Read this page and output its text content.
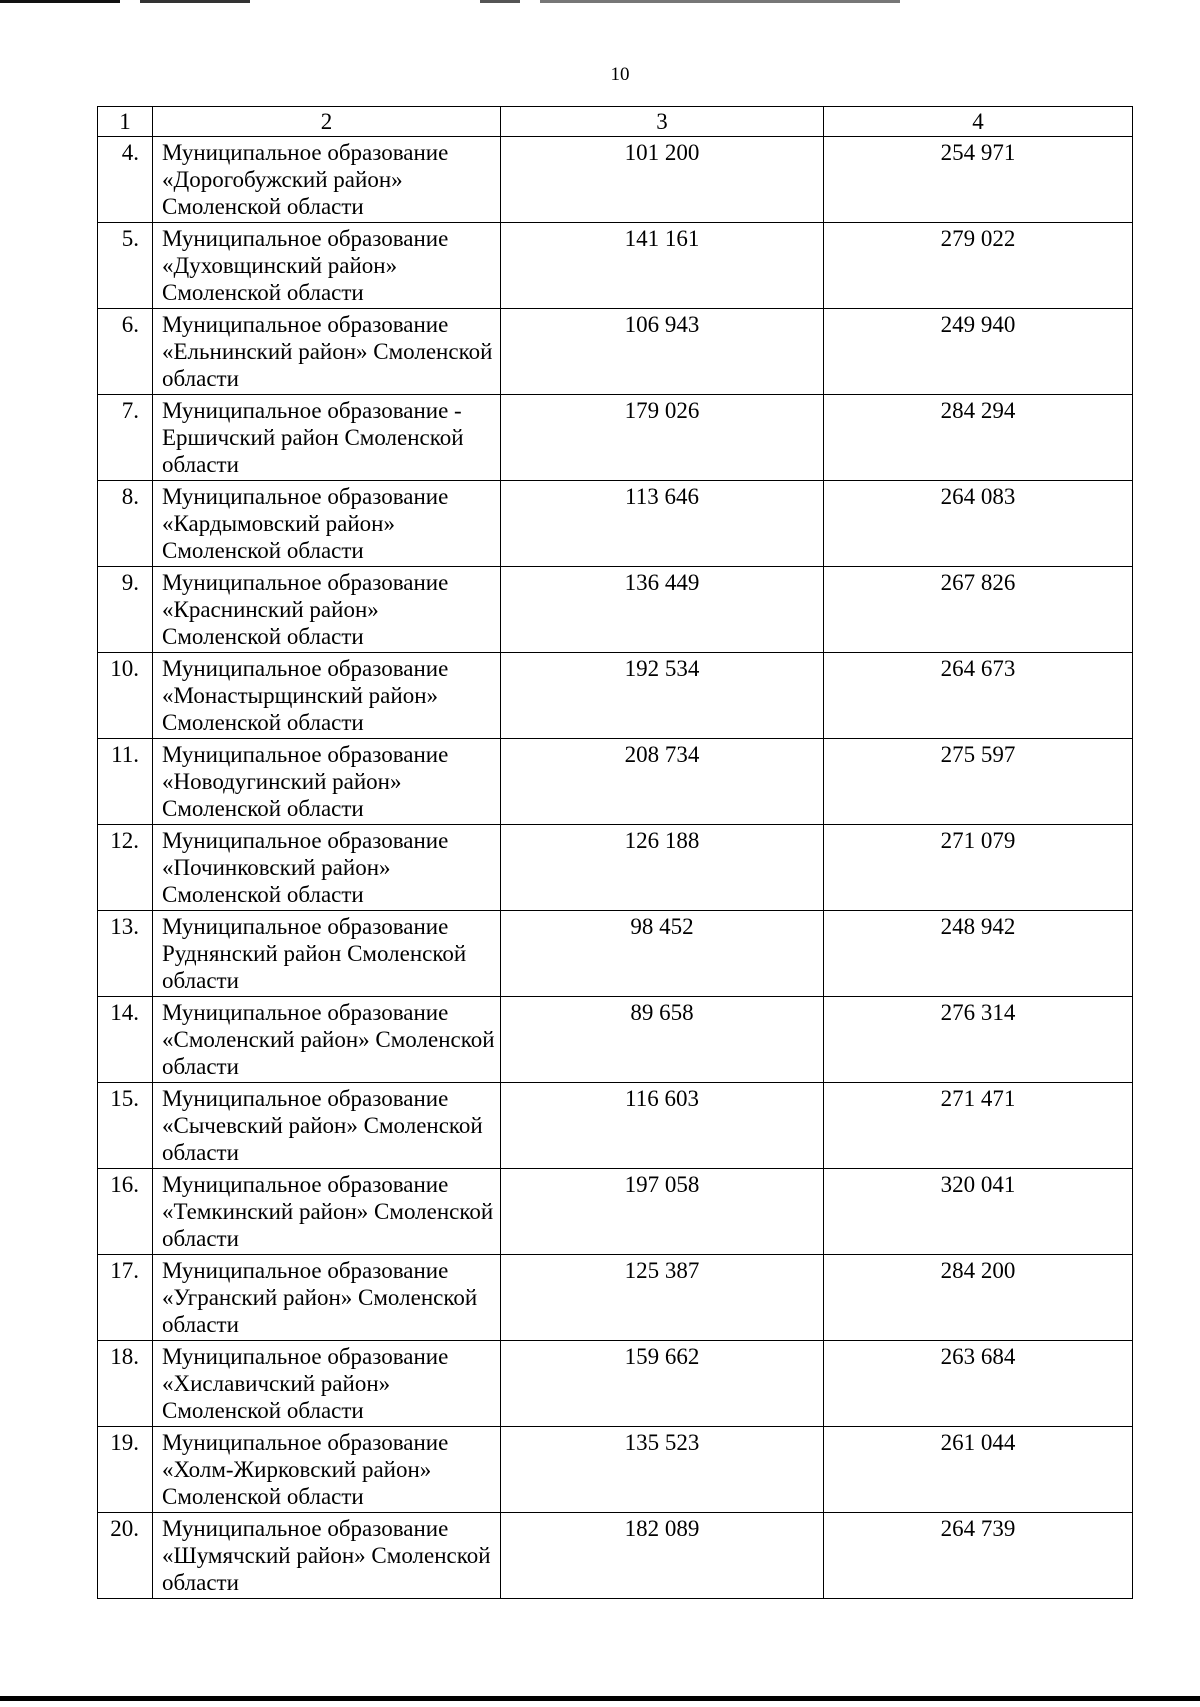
10
1	2	3	4
4.	Муниципальное образование «Дорогобужский район» Смоленской области	101 200	254 971
5.	Муниципальное образование «Духовщинский район» Смоленской области	141 161	279 022
6.	Муниципальное образование «Ельнинский район» Смоленской области	106 943	249 940
7.	Муниципальное образование - Ершичский район Смоленской области	179 026	284 294
8.	Муниципальное образование «Кардымовский район» Смоленской области	113 646	264 083
9.	Муниципальное образование «Краснинский район» Смоленской области	136 449	267 826
10.	Муниципальное образование «Монастырщинский район» Смоленской области	192 534	264 673
11.	Муниципальное образование «Новодугинский район» Смоленской области	208 734	275 597
12.	Муниципальное образование «Починковский район» Смоленской области	126 188	271 079
13.	Муниципальное образование Руднянский район Смоленской области	98 452	248 942
14.	Муниципальное образование «Смоленский район» Смоленской области	89 658	276 314
15.	Муниципальное образование «Сычевский район» Смоленской области	116 603	271 471
16.	Муниципальное образование «Темкинский район» Смоленской области	197 058	320 041
17.	Муниципальное образование «Угранский район» Смоленской области	125 387	284 200
18.	Муниципальное образование «Хиславичский район» Смоленской области	159 662	263 684
19.	Муниципальное образование «Холм-Жирковский район» Смоленской области	135 523	261 044
20.	Муниципальное образование «Шумячский район» Смоленской области	182 089	264 739
